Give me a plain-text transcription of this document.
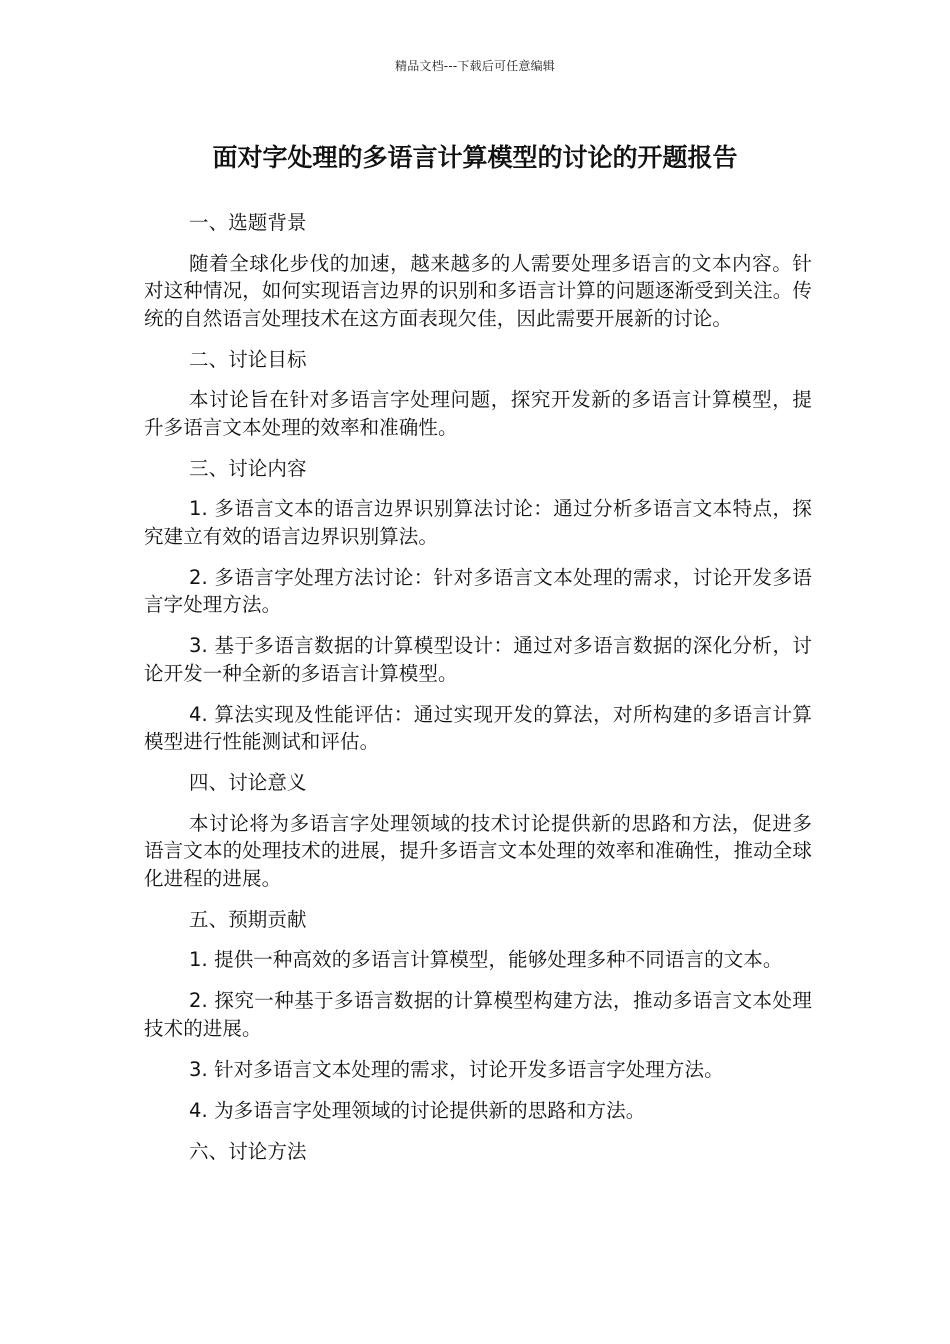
精品文档---下载后可任意编辑
面对字处理的多语言计算模型的讨论的开题报告

一、选题背景

随着全球化步伐的加速，越来越多的人需要处理多语言的文本内容。针对这种情况，如何实现语言边界的识别和多语言计算的问题逐渐受到关注。传统的自然语言处理技术在这方面表现欠佳，因此需要开展新的讨论。

二、讨论目标

本讨论旨在针对多语言字处理问题，探究开发新的多语言计算模型，提升多语言文本处理的效率和准确性。

三、讨论内容

1. 多语言文本的语言边界识别算法讨论：通过分析多语言文本特点，探究建立有效的语言边界识别算法。

2. 多语言字处理方法讨论：针对多语言文本处理的需求，讨论开发多语言字处理方法。

3. 基于多语言数据的计算模型设计：通过对多语言数据的深化分析，讨论开发一种全新的多语言计算模型。

4. 算法实现及性能评估：通过实现开发的算法，对所构建的多语言计算模型进行性能测试和评估。

四、讨论意义

本讨论将为多语言字处理领域的技术讨论提供新的思路和方法，促进多语言文本的处理技术的进展，提升多语言文本处理的效率和准确性，推动全球化进程的进展。

五、预期贡献

1. 提供一种高效的多语言计算模型，能够处理多种不同语言的文本。

2. 探究一种基于多语言数据的计算模型构建方法，推动多语言文本处理技术的进展。

3. 针对多语言文本处理的需求，讨论开发多语言字处理方法。

4. 为多语言字处理领域的讨论提供新的思路和方法。

六、讨论方法
